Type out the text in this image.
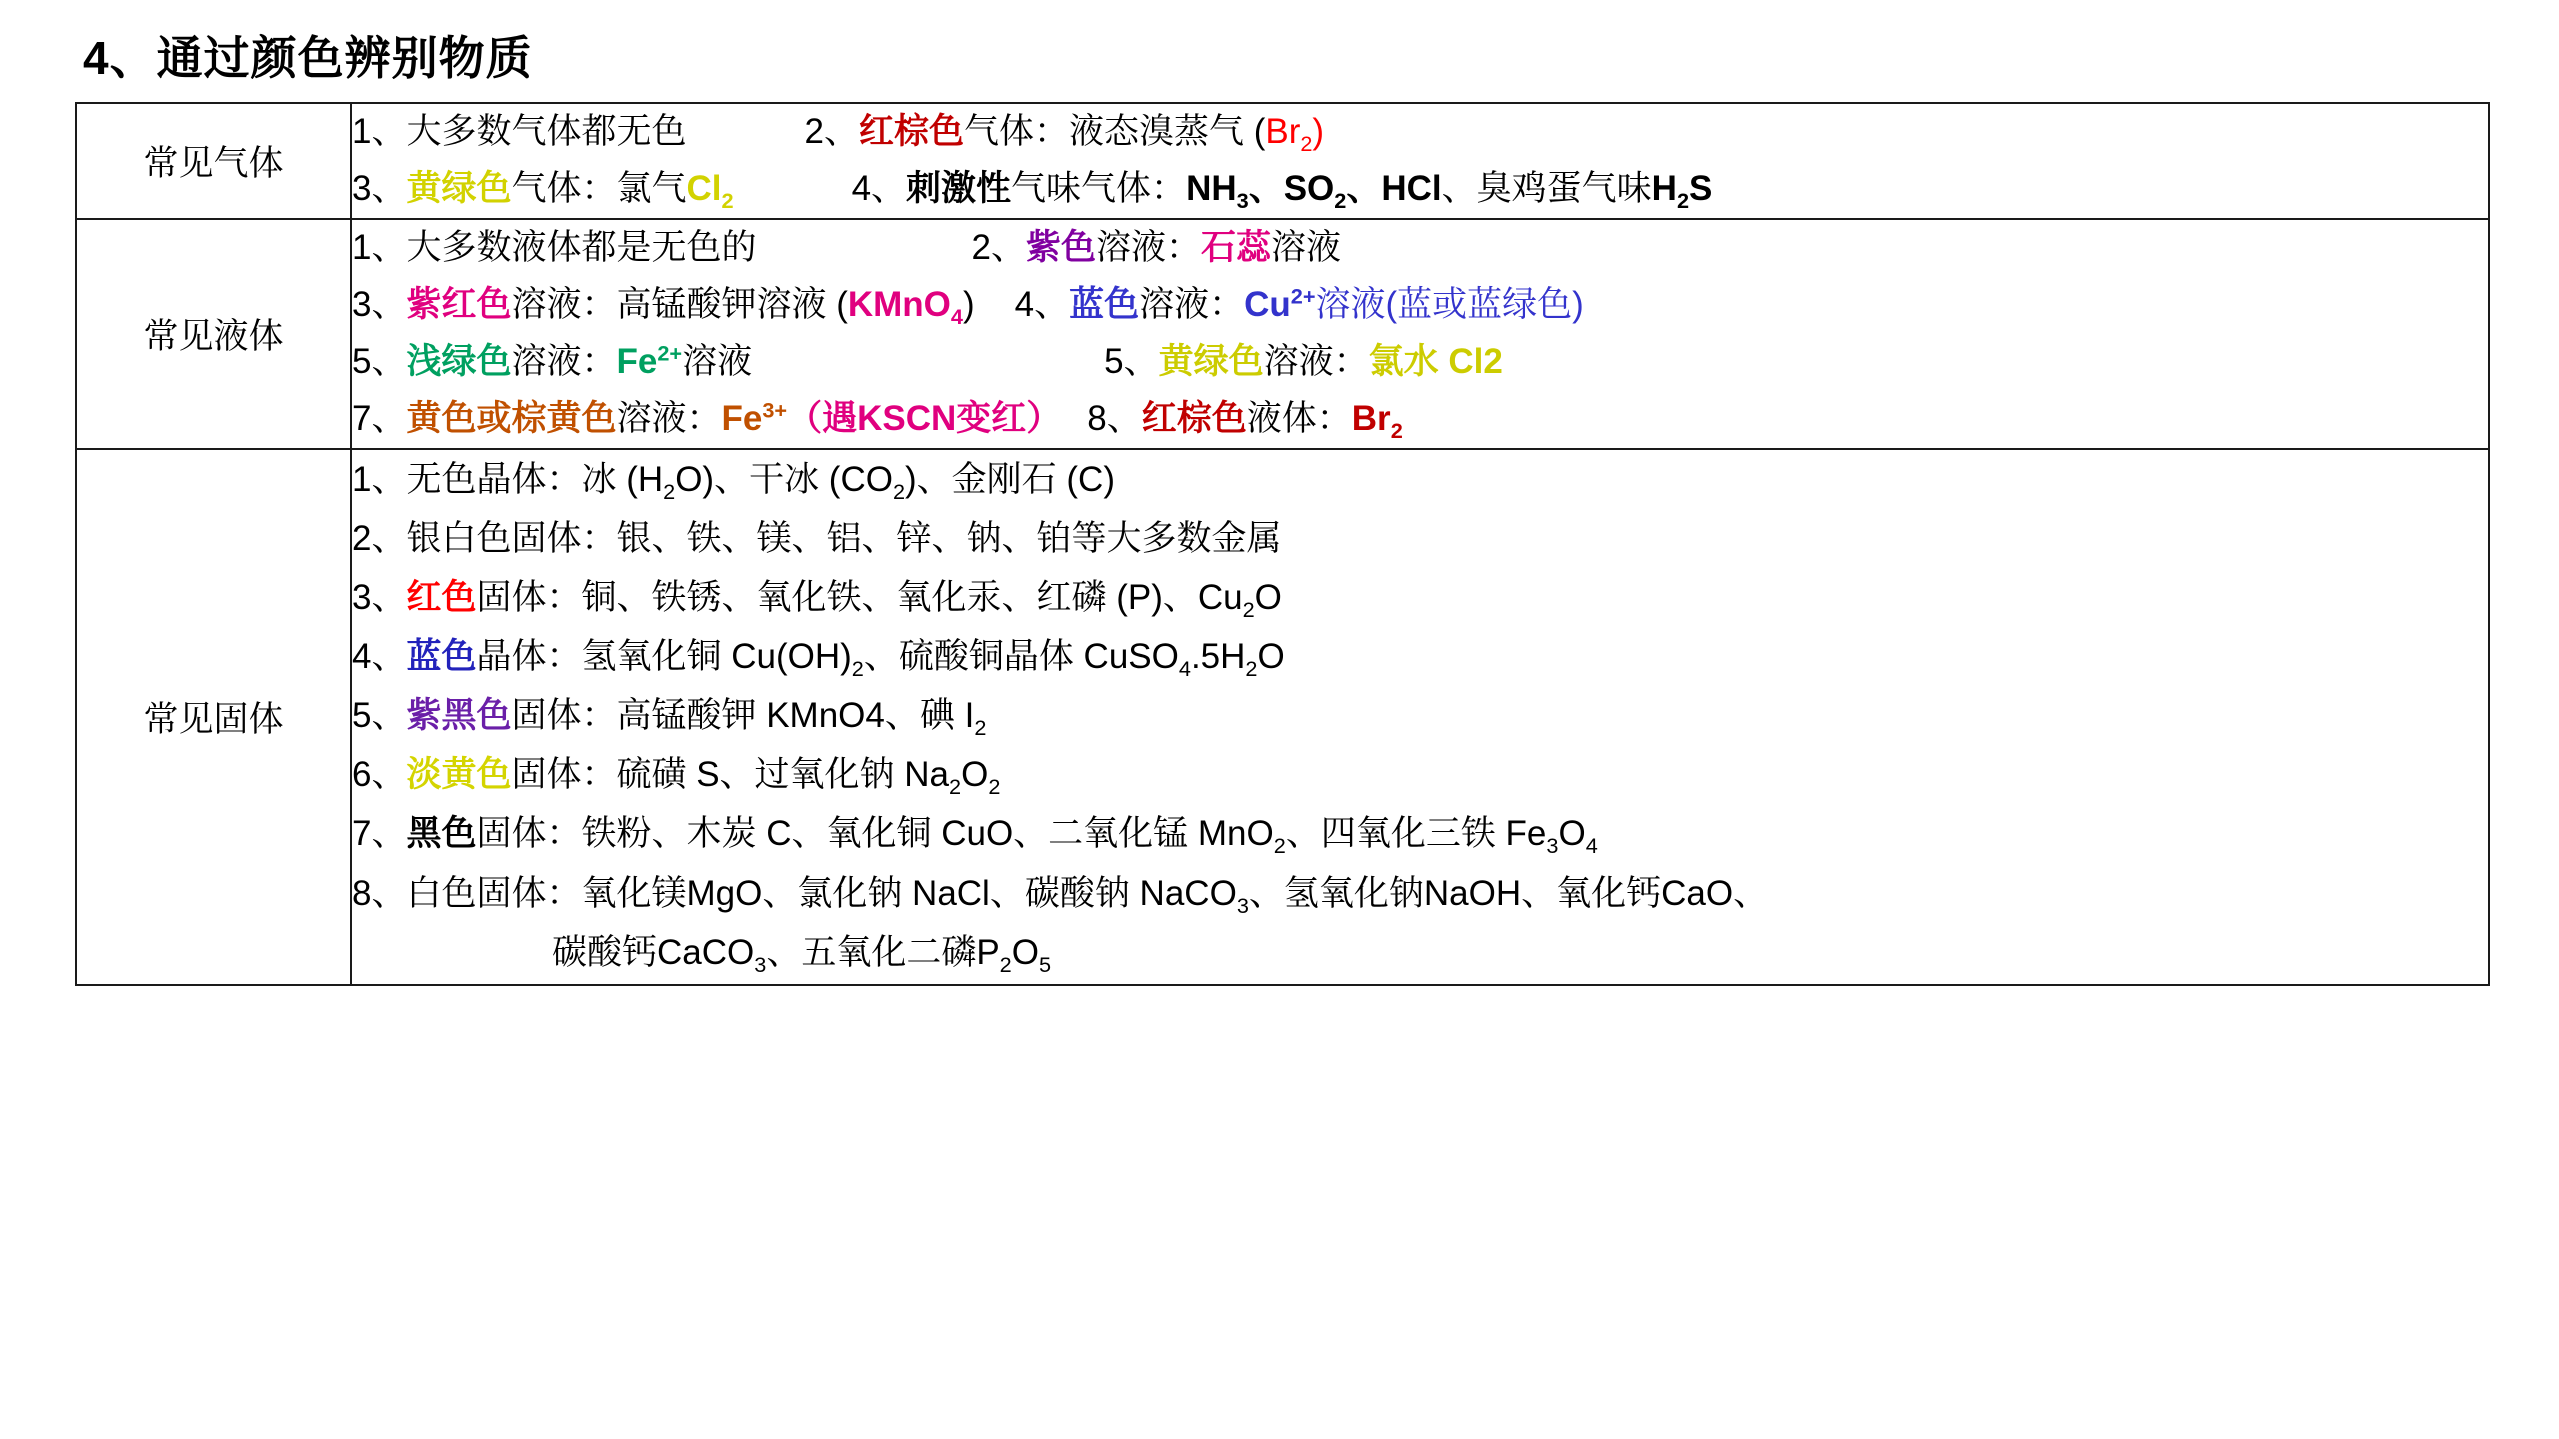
4、通过颜色辨别物质
常见气体	
1、 大多数气体都无色	2、 红棕色 气体：液态溴蒸气 ( $Br_2$ )
3、 黄绿色 气体：氯气 $Cl_2$	4、 刺激性 气味气体： $NH_3$ 、 $SO_2$ 、 HCl 、臭鸡蛋气味 $H_2S$

常见液体	
1、 大多数液体都是无色的	2、 紫色 溶液： 石蕊 溶液
3、 紫红色 溶液：高锰酸钾溶液 ( KMnO$_4$ ) 4、 蓝色 溶液： $Cu^{2+}$ 溶液(蓝或蓝绿色)
5、 浅绿色 溶液： $Fe^{2+}$ 溶液	5、 黄绿色 溶液： 氯水 Cl2
7、 黄色或棕黄色 溶液： $Fe^{3+}$ （遇KSCN变红） 8、 红棕色 液体： $Br_2$

常见固体	
1、 无色晶体：冰 $(H_2O)$、干冰 $(CO_2)$、金刚石 (C)
2、 银白色固体：银、铁、镁、铝、锌、钠、铂等大多数金属
3、 红色 固体：铜、铁锈、氧化铁、氧化汞、红磷 (P)、$Cu_2O$
4、 蓝色 晶体：氢氧化铜 $Cu(OH)_2$、硫酸铜晶体 $CuSO_4.5H_2O$
5、 紫黑色 固体：高锰酸钾 KMnO4、碘 $I_2$
6、 淡黄色 固体：硫磺 S、过氧化钠 $Na_2O_2$
7、 黑色 固体：铁粉、木炭 C、氧化铜 CuO、二氧化锰 MnO$_2$、四氧化三铁 $Fe_3O_4$
8、 白色固体：氧化镁MgO、氯化钠 NaCl、碳酸钠 NaCO$_3$、氢氧化钠NaOH、氧化钙CaO、
碳酸钙CaCO$_3$、五氧化二磷$P_2O_5$
